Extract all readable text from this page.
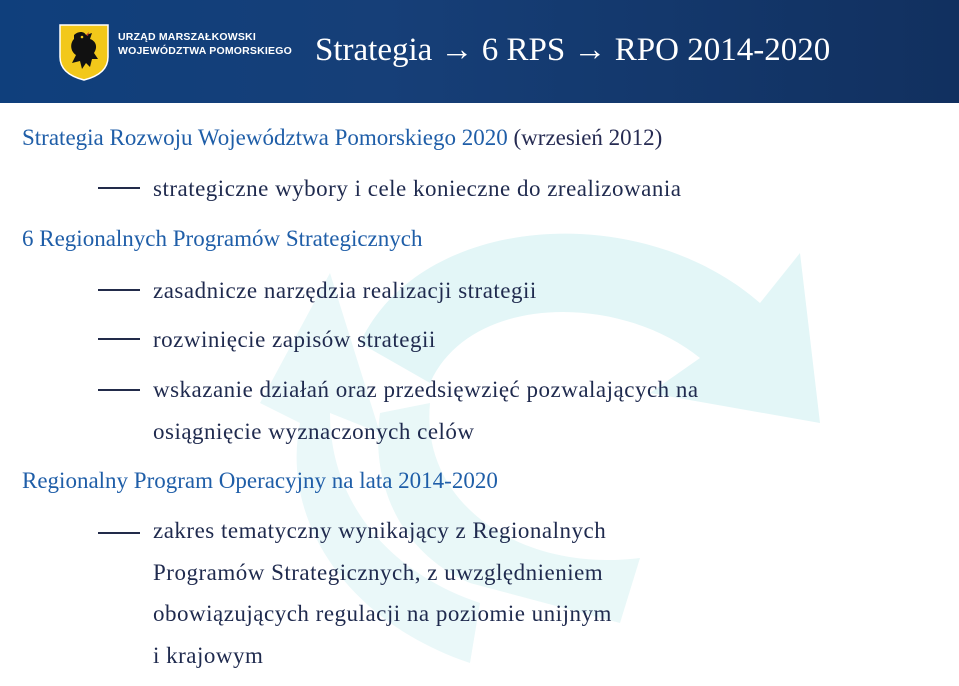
URZĄD MARSZAŁKOWSKI
WOJEWÓDZTWA POMORSKIEGO Strategia → 6 RPS → RPO 2014-2020
Strategia Rozwoju Województwa Pomorskiego 2020 (wrzesień 2012)
strategiczne wybory i cele konieczne do zrealizowania
6 Regionalnych Programów Strategicznych
zasadnicze narzędzia realizacji strategii
rozwinięcie zapisów strategii
wskazanie działań oraz przedsięwzięć pozwalających na
osiągnięcie wyznaczonych celów
Regionalny Program Operacyjny na lata 2014-2020
zakres tematyczny wynikający z Regionalnych
Programów Strategicznych, z uwzględnieniem
obowiązujących regulacji na poziomie unijnym
i krajowym
